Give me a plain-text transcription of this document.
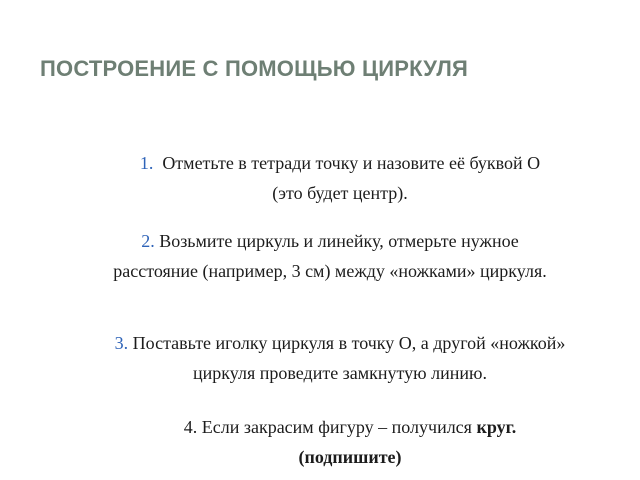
ПОСТРОЕНИЕ С ПОМОЩЬЮ ЦИРКУЛЯ
1. Отметьте в тетради точку и назовите её буквой О
(это будет центр).
2. Возьмите циркуль и линейку, отмерьте нужное
расстояние (например, 3 см) между «ножками» циркуля.
3. Поставьте иголку циркуля в точку О, а другой «ножкой»
циркуля проведите замкнутую линию.
4. Если закрасим фигуру – получился круг.
(подпишите)
